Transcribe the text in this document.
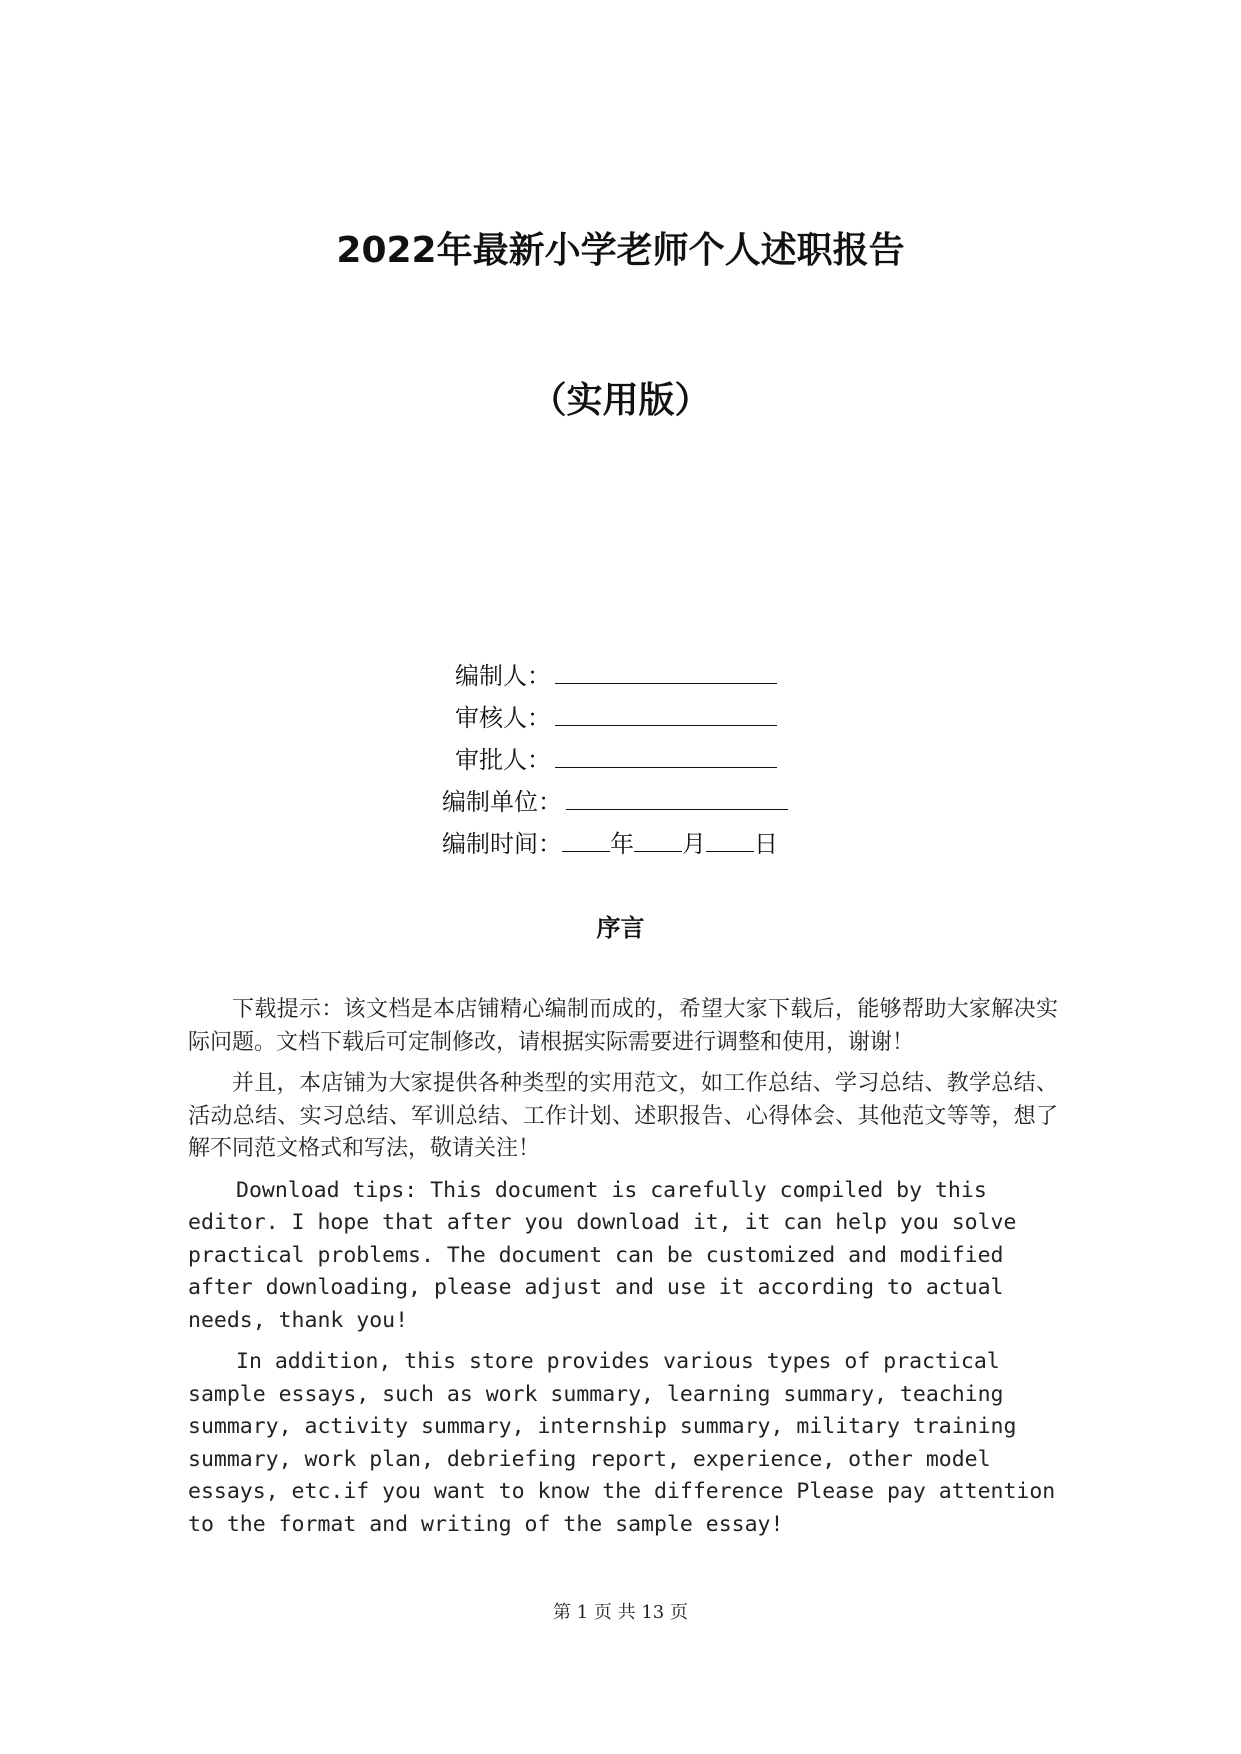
2022年最新小学老师个人述职报告
（实用版）
编制人：
审核人：
审批人：
编制单位：
编制时间： 年 月 日
序言

下载提示：该文档是本店铺精心编制而成的，希望大家下载后，能够帮助大家解决实际问题。文档下载后可定制修改，请根据实际需要进行调整和使用，谢谢！

并且，本店铺为大家提供各种类型的实用范文，如工作总结、学习总结、教学总结、活动总结、实习总结、军训总结、工作计划、述职报告、心得体会、其他范文等等，想了解不同范文格式和写法，敬请关注！

Download tips: This document is carefully compiled by this editor. I hope that after you download it, it can help you solve practical problems. The document can be customized and modified after downloading, please adjust and use it according to actual needs, thank you!

In addition, this store provides various types of practical sample essays, such as work summary, learning summary, teaching summary, activity summary, internship summary, military training summary, work plan, debriefing report, experience, other model essays, etc.if you want to know the difference Please pay attention to the format and writing of the sample essay!

第 1 页 共 13 页
